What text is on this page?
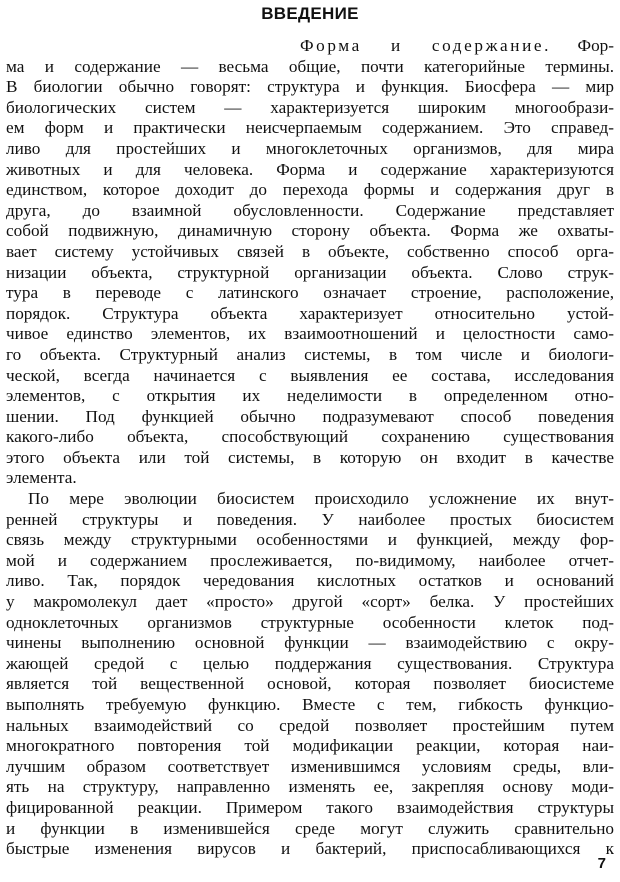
ВВЕДЕНИЕ
Форма и содержание. Фор-
ма и содержание — весьма общие, почти категорийные термины.
В биологии обычно говорят: структура и функция. Биосфера — мир
биологических систем — характеризуется широким многообрази-
ем форм и практически неисчерпаемым содержанием. Это справед-
ливо для простейших и многоклеточных организмов, для мира
животных и для человека. Форма и содержание характеризуются
единством, которое доходит до перехода формы и содержания друг в
друга, до взаимной обусловленности. Содержание представляет
собой подвижную, динамичную сторону объекта. Форма же охваты-
вает систему устойчивых связей в объекте, собственно способ орга-
низации объекта, структурной организации объекта. Слово струк-
тура в переводе с латинского означает строение, расположение,
порядок. Структура объекта характеризует относительно устой-
чивое единство элементов, их взаимоотношений и целостности само-
го объекта. Структурный анализ системы, в том числе и биологи-
ческой, всегда начинается с выявления ее состава, исследования
элементов, с открытия их неделимости в определенном отно-
шении. Под функцией обычно подразумевают способ поведения
какого-либо объекта, способствующий сохранению существования
этого объекта или той системы, в которую он входит в качестве
элемента.
По мере эволюции биосистем происходило усложнение их внут-
ренней структуры и поведения. У наиболее простых биосистем
связь между структурными особенностями и функцией, между фор-
мой и содержанием прослеживается, по-видимому, наиболее отчет-
ливо. Так, порядок чередования кислотных остатков и оснований
у макромолекул дает «просто» другой «сорт» белка. У простейших
одноклеточных организмов структурные особенности клеток под-
чинены выполнению основной функции — взаимодействию с окру-
жающей средой с целью поддержания существования. Структура
является той вещественной основой, которая позволяет биосистеме
выполнять требуемую функцию. Вместе с тем, гибкость функцио-
нальных взаимодействий со средой позволяет простейшим путем
многократного повторения той модификации реакции, которая наи-
лучшим образом соответствует изменившимся условиям среды, вли-
ять на структуру, направленно изменять ее, закрепляя основу моди-
фицированной реакции. Примером такого взаимодействия структуры
и функции в изменившейся среде могут служить сравнительно
быстрые изменения вирусов и бактерий, приспосабливающихся к
7
